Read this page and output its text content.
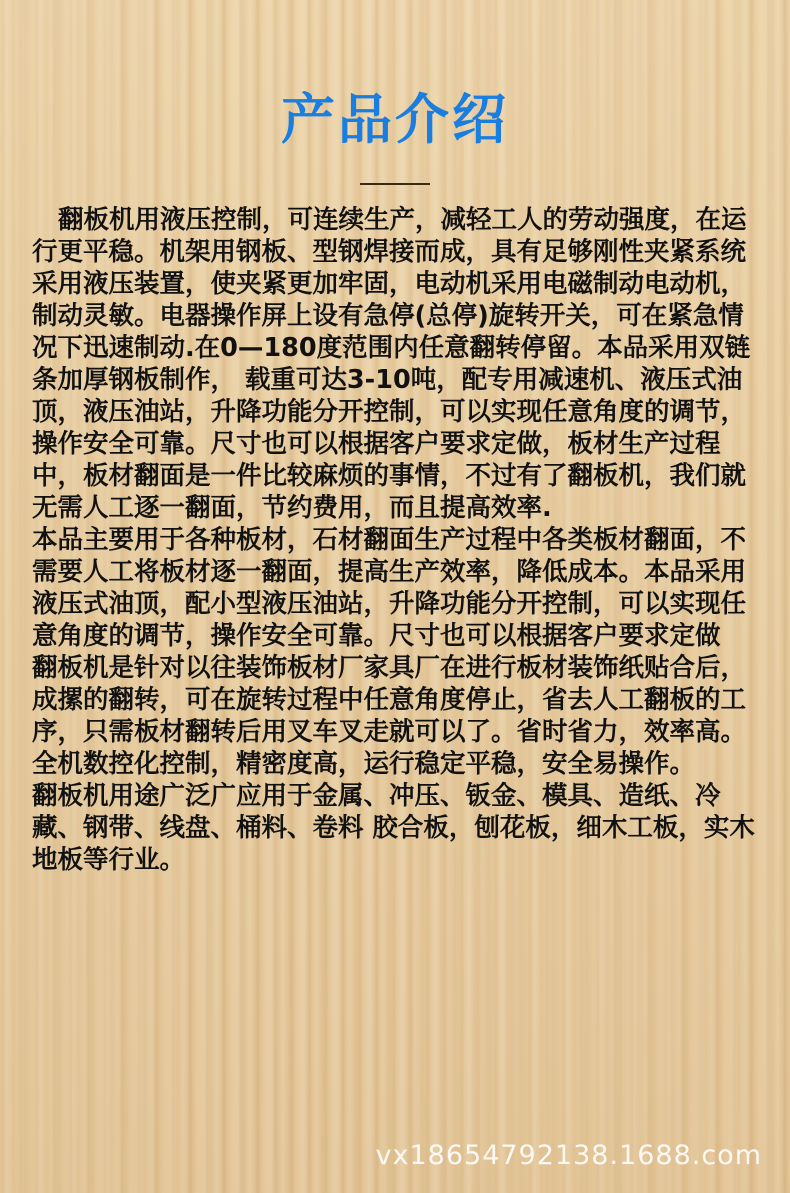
产品介绍

翻板机用液压控制，可连续生产，减轻工人的劳动强度，在运行更平稳。机架用钢板、型钢焊接而成，具有足够刚性夹紧系统采用液压装置，使夹紧更加牢固，电动机采用电磁制动电动机，制动灵敏。电器操作屏上设有急停(总停)旋转开关，可在紧急情况下迅速制动.在0—180度范围内任意翻转停留。本品采用双链条加厚钢板制作， 载重可达3-10吨，配专用减速机、液压式油顶，液压油站，升降功能分开控制，可以实现任意角度的调节，操作安全可靠。尺寸也可以根据客户要求定做，板材生产过程中，板材翻面是一件比较麻烦的事情，不过有了翻板机，我们就无需人工逐一翻面，节约费用，而且提高效率.

本品主要用于各种板材，石材翻面生产过程中各类板材翻面，不需要人工将板材逐一翻面，提高生产效率，降低成本。本品采用液压式油顶，配小型液压油站，升降功能分开控制，可以实现任意角度的调节，操作安全可靠。尺寸也可以根据客户要求定做

翻板机是针对以往装饰板材厂家具厂在进行板材装饰纸贴合后，成摞的翻转，可在旋转过程中任意角度停止，省去人工翻板的工序，只需板材翻转后用叉车叉走就可以了。省时省力，效率高。全机数控化控制，精密度高，运行稳定平稳，安全易操作。

翻板机用途广泛广应用于金属、冲压、钣金、模具、造纸、冷藏、钢带、线盘、桶料、卷料 胶合板，刨花板，细木工板，实木地板等行业。

vx18654792138.1688.com
